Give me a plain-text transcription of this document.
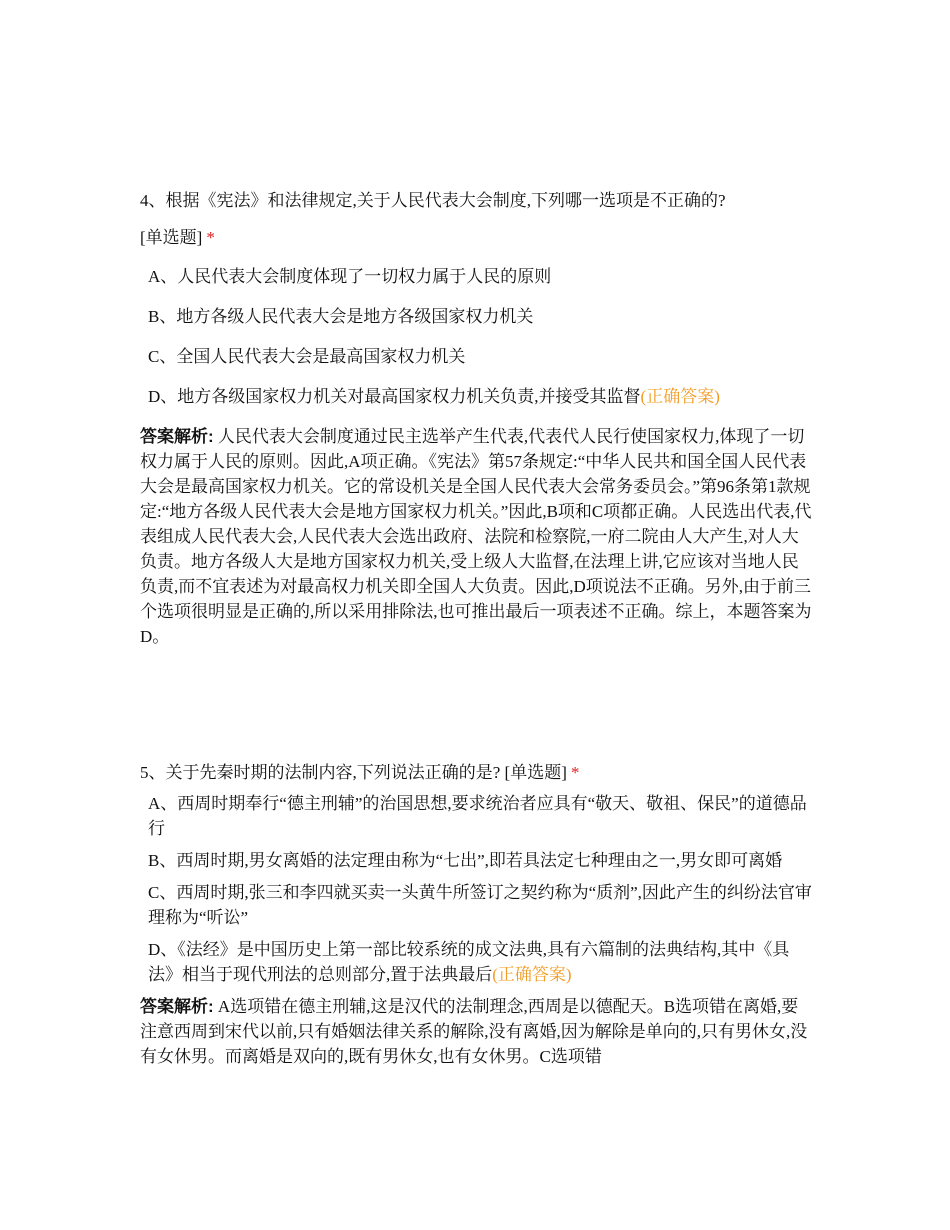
4、根据《宪法》和法律规定,关于人民代表大会制度,下列哪一选项是不正确的?

[单选题] *
A、人民代表大会制度体现了一切权力属于人民的原则
B、地方各级人民代表大会是地方各级国家权力机关
C、全国人民代表大会是最高国家权力机关
D、地方各级国家权力机关对最高国家权力机关负责,并接受其监督(正确答案)
答案解析: 人民代表大会制度通过民主选举产生代表,代表代人民行使国家权力,体现了一切权力属于人民的原则。因此,A项正确。《宪法》第57条规定:“中华人民共和国全国人民代表大会是最高国家权力机关。它的常设机关是全国人民代表大会常务委员会。”第96条第1款规定:“地方各级人民代表大会是地方国家权力机关。”因此,B项和C项都正确。人民选出代表,代表组成人民代表大会,人民代表大会选出政府、法院和检察院,一府二院由人大产生,对人大负责。地方各级人大是地方国家权力机关,受上级人大监督,在法理上讲,它应该对当地人民负责,而不宜表述为对最高权力机关即全国人大负责。因此,D项说法不正确。另外,由于前三个选项很明显是正确的,所以采用排除法,也可推出最后一项表述不正确。综上，本题答案为D。

5、关于先秦时期的法制内容,下列说法正确的是? [单选题] *

A、西周时期奉行“德主刑辅”的治国思想,要求统治者应具有“敬天、敬祖、保民”的道德品行
B、西周时期,男女离婚的法定理由称为“七出”,即若具法定七种理由之一,男女即可离婚
C、西周时期,张三和李四就买卖一头黄牛所签订之契约称为“质剂”,因此产生的纠纷法官审理称为“听讼”
D、《法经》是中国历史上第一部比较系统的成文法典,具有六篇制的法典结构,其中《具法》相当于现代刑法的总则部分,置于法典最后(正确答案)
答案解析: A选项错在德主刑辅,这是汉代的法制理念,西周是以德配天。B选项错在离婚,要注意西周到宋代以前,只有婚姻法律关系的解除,没有离婚,因为解除是单向的,只有男休女,没有女休男。而离婚是双向的,既有男休女,也有女休男。C选项错
